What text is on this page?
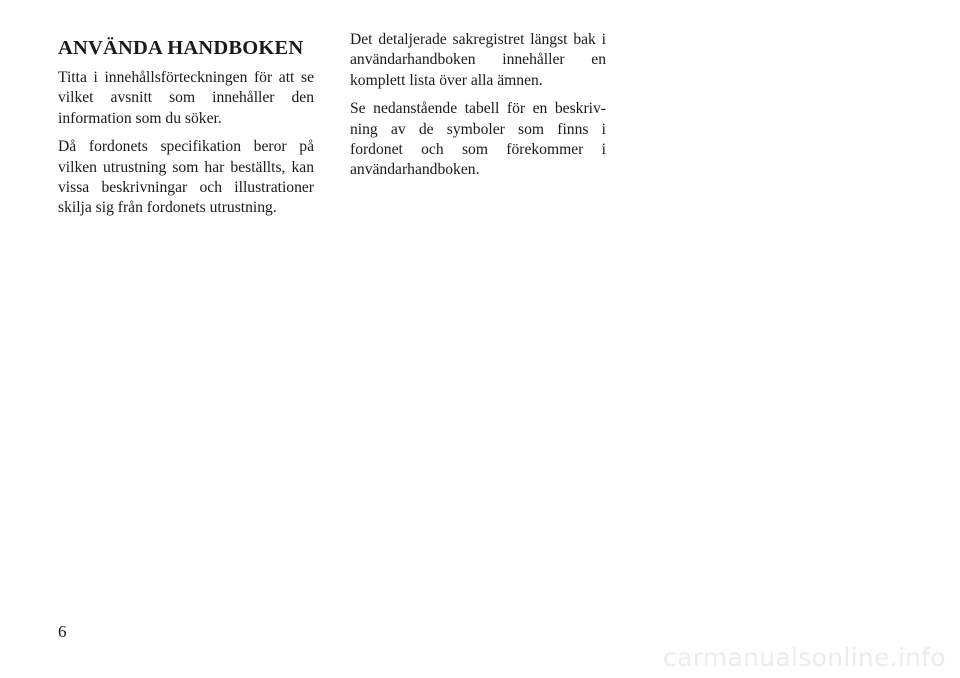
ANVÄNDA HANDBOKEN

Titta i innehållsförteckningen för att se vilket avsnitt som innehåller den information som du söker.

Då fordonets specifikation beror på vilken utrustning som har beställts, kan vissa beskrivningar och illustrationer skilja sig från fordonets utrustning.

Det detaljerade sakregistret längst bak i användarhandboken innehåller en komplett lista över alla ämnen.

Se nedanstående tabell för en beskrivning av de symboler som finns i fordonet och som förekommer i användarhandboken.

6
carmanualsonline.info
